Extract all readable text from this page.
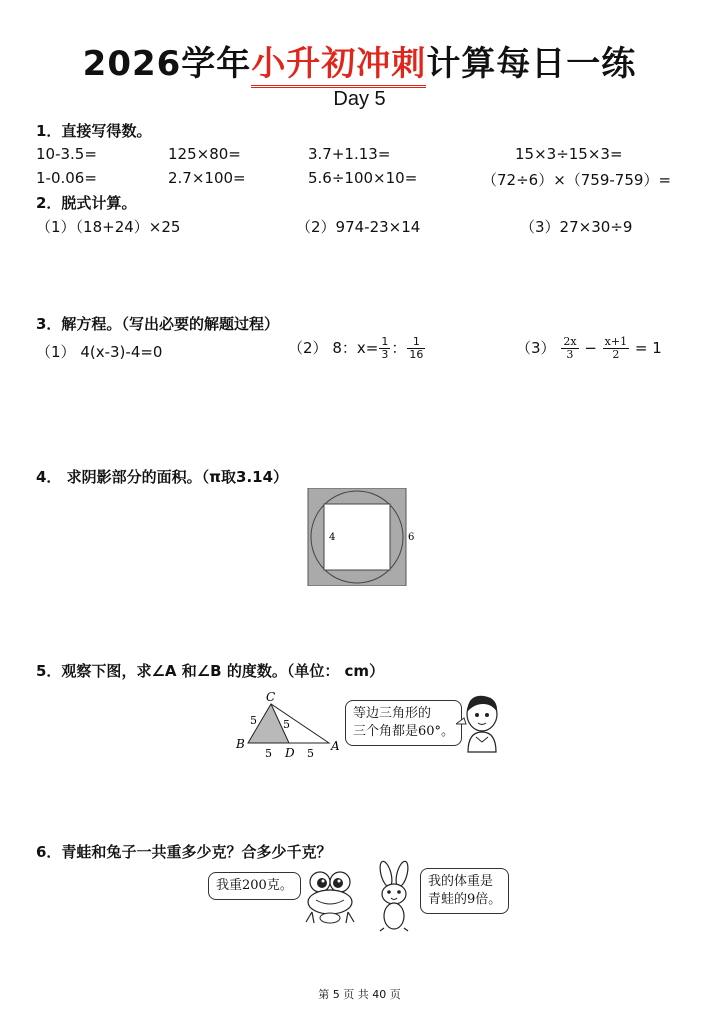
2026学年小升初冲刺计算每日一练
Day 5
1．直接写得数。
10-3.5=	125×80=	3.7+1.13=	15×3÷15×3=
1-0.06=	2.7×100=	5.6÷100×10=	（72÷6）×（759-759）=
2．脱式计算。
（1）（18+24）×25	（2）974-23×14	（3）27×30÷9
3．解方程。（写出必要的解题过程）
（1） 4(x-3)-4=0	（2） 8：$x= \frac{1}{3}$ ： $\frac{1}{16}$	$(3) \frac{2x}{3} - \frac{x+1}{2} = 1$
4． 求阴影部分的面积。（π取3.14）
4	6
5．观察下图，求∠A 和∠B 的度数。（单位： cm）
C
B	A
D
5 5
5	5
等边三角形的
三个角都是60°。
6．青蛙和兔子一共重多少克？合多少千克？
我重200克。	我的体重是
青蛙的9倍。
第 5 页 共 40 页
